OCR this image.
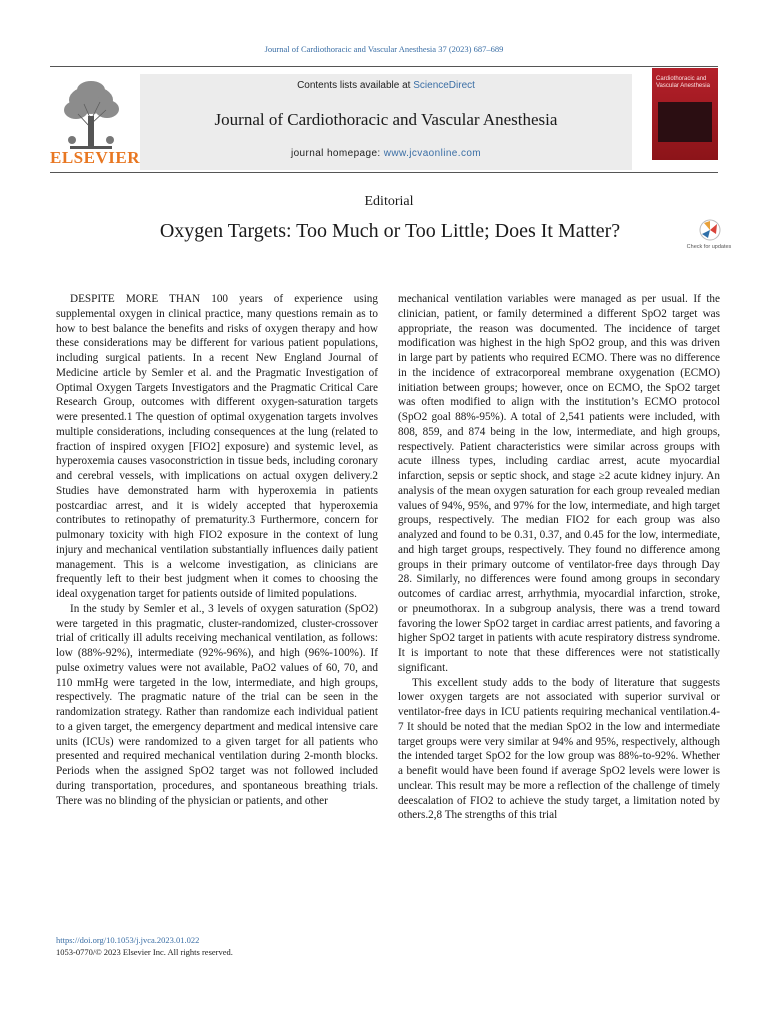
Journal of Cardiothoracic and Vascular Anesthesia 37 (2023) 687–689
ELSEVIER
Contents lists available at ScienceDirect
Journal of Cardiothoracic and Vascular Anesthesia
journal homepage: www.jcvaonline.com
Cardiothoracic and Vascular Anesthesia
Editorial
Oxygen Targets: Too Much or Too Little; Does It Matter?
Check for updates

DESPITE MORE THAN 100 years of experience using supplemental oxygen in clinical practice, many questions remain as to how to best balance the benefits and risks of oxygen therapy and how these considerations may be different for various patient populations, including surgical patients. In a recent New England Journal of Medicine article by Semler et al. and the Pragmatic Investigation of Optimal Oxygen Targets Investigators and the Pragmatic Critical Care Research Group, outcomes with different oxygen-saturation targets were presented.1 The question of optimal oxygenation targets involves multiple considerations, including consequences at the lung (related to fraction of inspired oxygen [FIO2] exposure) and systemic level, as hyperoxemia causes vasoconstriction in tissue beds, including coronary and cerebral vessels, with implications on actual oxygen delivery.2 Studies have demonstrated harm with hyperoxemia in patients postcardiac arrest, and it is widely accepted that hyperoxemia contributes to retinopathy of prematurity.3 Furthermore, concern for pulmonary toxicity with high FIO2 exposure in the context of lung injury and mechanical ventilation substantially influences daily patient management. This is a welcome investigation, as clinicians are frequently left to their best judgment when it comes to choosing the ideal oxygenation target for patients outside of limited populations.

In the study by Semler et al., 3 levels of oxygen saturation (SpO2) were targeted in this pragmatic, cluster-randomized, cluster-crossover trial of critically ill adults receiving mechanical ventilation, as follows: low (88%-92%), intermediate (92%-96%), and high (96%-100%). If pulse oximetry values were not available, PaO2 values of 60, 70, and 110 mmHg were targeted in the low, intermediate, and high groups, respectively. The pragmatic nature of the trial can be seen in the randomization strategy. Rather than randomize each individual patient to a given target, the emergency department and medical intensive care units (ICUs) were randomized to a given target for all patients who presented and required mechanical ventilation during 2-month blocks. Periods when the assigned SpO2 target was not followed included during transportation, procedures, and spontaneous breathing trials. There was no blinding of the physician or patients, and other

mechanical ventilation variables were managed as per usual. If the clinician, patient, or family determined a different SpO2 target was appropriate, the reason was documented. The incidence of target modification was highest in the high SpO2 group, and this was driven in large part by patients who required ECMO. There was no difference in the incidence of extracorporeal membrane oxygenation (ECMO) initiation between groups; however, once on ECMO, the SpO2 target was often modified to align with the institution’s ECMO protocol (SpO2 goal 88%-95%). A total of 2,541 patients were included, with 808, 859, and 874 being in the low, intermediate, and high groups, respectively. Patient characteristics were similar across groups with acute illness types, including cardiac arrest, acute myocardial infarction, sepsis or septic shock, and stage ≥2 acute kidney injury. An analysis of the mean oxygen saturation for each group revealed median values of 94%, 95%, and 97% for the low, intermediate, and high target groups, respectively. The median FIO2 for each group was also analyzed and found to be 0.31, 0.37, and 0.45 for the low, intermediate, and high target groups, respectively. They found no difference among groups in their primary outcome of ventilator-free days through Day 28. Similarly, no differences were found among groups in secondary outcomes of cardiac arrest, arrhythmia, myocardial infarction, stroke, or pneumothorax. In a subgroup analysis, there was a trend toward favoring the lower SpO2 target in cardiac arrest patients, and favoring a higher SpO2 target in patients with acute respiratory distress syndrome. It is important to note that these differences were not statistically significant.

This excellent study adds to the body of literature that suggests lower oxygen targets are not associated with superior survival or ventilator-free days in ICU patients requiring mechanical ventilation.4-7 It should be noted that the median SpO2 in the low and intermediate target groups were very similar at 94% and 95%, respectively, although the intended target SpO2 for the low group was 88%-to-92%. Whether a benefit would have been found if average SpO2 levels were lower is unclear. This result may be more a reflection of the challenge of timely deescalation of FIO2 to achieve the study target, a limitation noted by others.2,8 The strengths of this trial

https://doi.org/10.1053/j.jvca.2023.01.022
1053-0770/© 2023 Elsevier Inc. All rights reserved.
